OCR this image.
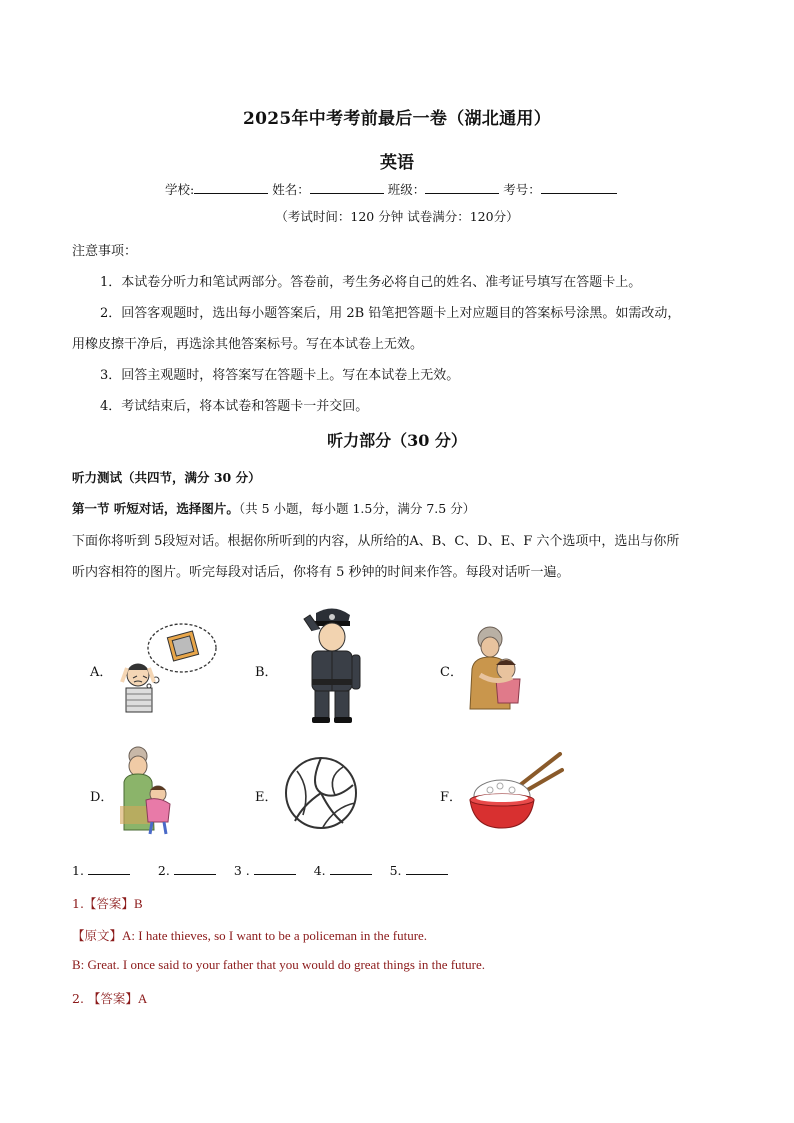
2025年中考考前最后一卷（湖北通用）
英语
学校:	姓名：	班级：	考号：
（考试时间：120 分钟 试卷满分：120分）
注意事项：
1．本试卷分听力和笔试两部分。答卷前，考生务必将自己的姓名、准考证号填写在答题卡上。
2．回答客观题时，选出每小题答案后，用 2B 铅笔把答题卡上对应题目的答案标号涂黑。如需改动，
用橡皮擦干净后，再选涂其他答案标号。写在本试卷上无效。
3．回答主观题时，将答案写在答题卡上。写在本试卷上无效。
4．考试结束后，将本试卷和答题卡一并交回。
听力部分（30 分）
听力测试（共四节，满分 30 分）
第一节 听短对话，选择图片。（共 5 小题，每小题 1.5分，满分 7.5 分）
下面你将听到 5段短对话。根据你所听到的内容，从所给的A、B、C、D、E、F 六个选项中，选出与你所
听内容相符的图片。听完每段对话后，你将有 5 秒钟的时间来作答。每段对话听一遍。
A．	B．	C．
D．	E．	F．
1.	2.	3 .	4.	5.
1.【答案】B
【原文】A: I hate thieves, so I want to be a policeman in the future.
B: Great. I once said to your father that you would do great things in the future.
2. 【答案】A
